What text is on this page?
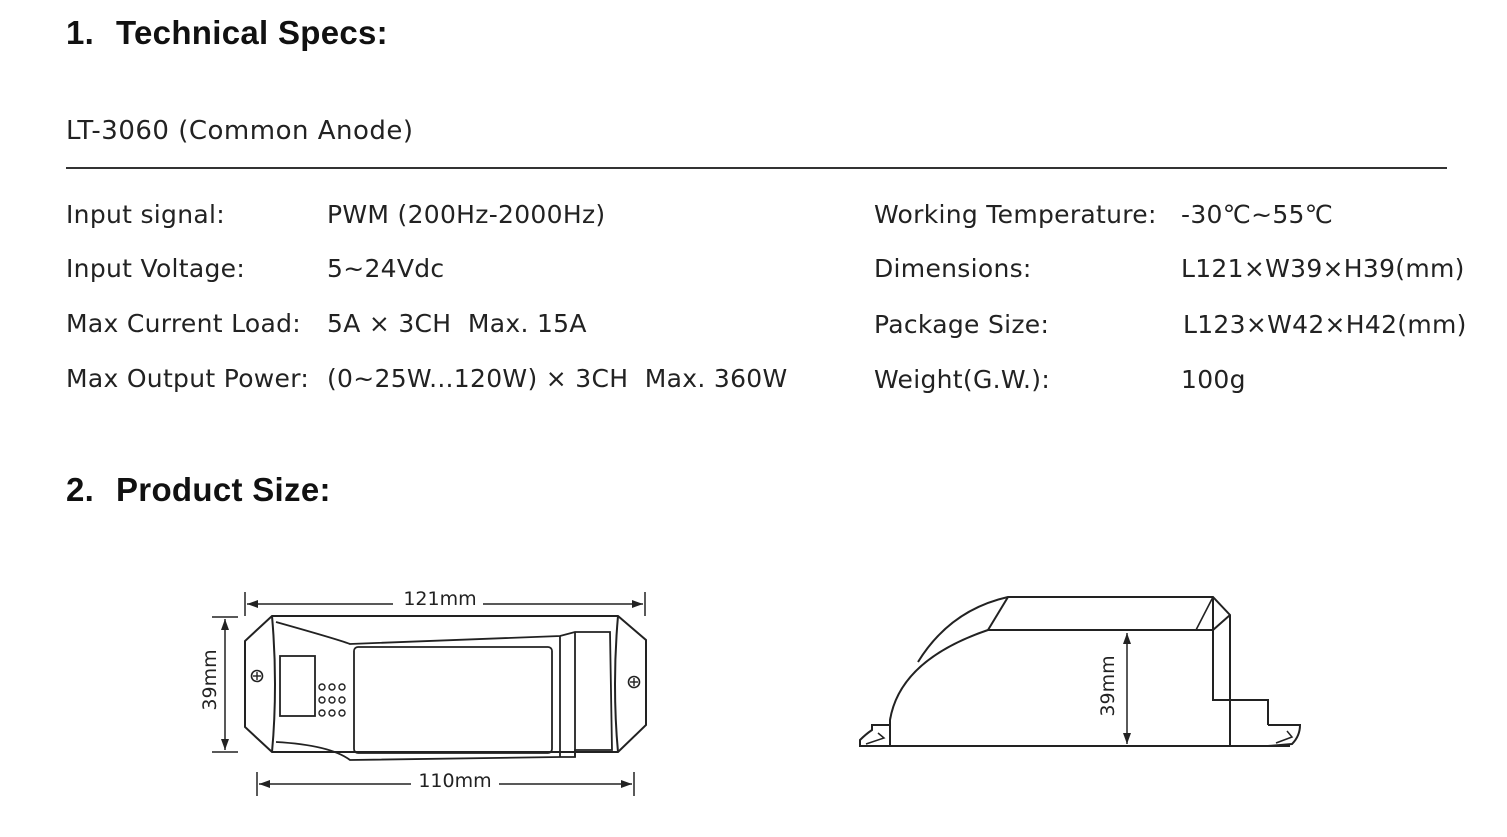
1. Technical Specs:
LT-3060 (Common Anode)
Input signal:	PWM (200Hz-2000Hz)
Input Voltage:	5~24Vdc
Max Current Load: 5A × 3CH  Max. 15A
Max Output Power: (0~25W...120W) × 3CH  Max. 360W
Working Temperature: -30℃~55℃
Dimensions:	L121×W39×H39(mm)
Package Size:	L123×W42×H42(mm)
Weight(G.W.):	100g
2. Product Size:
121mm
39mm
110mm
39mm
